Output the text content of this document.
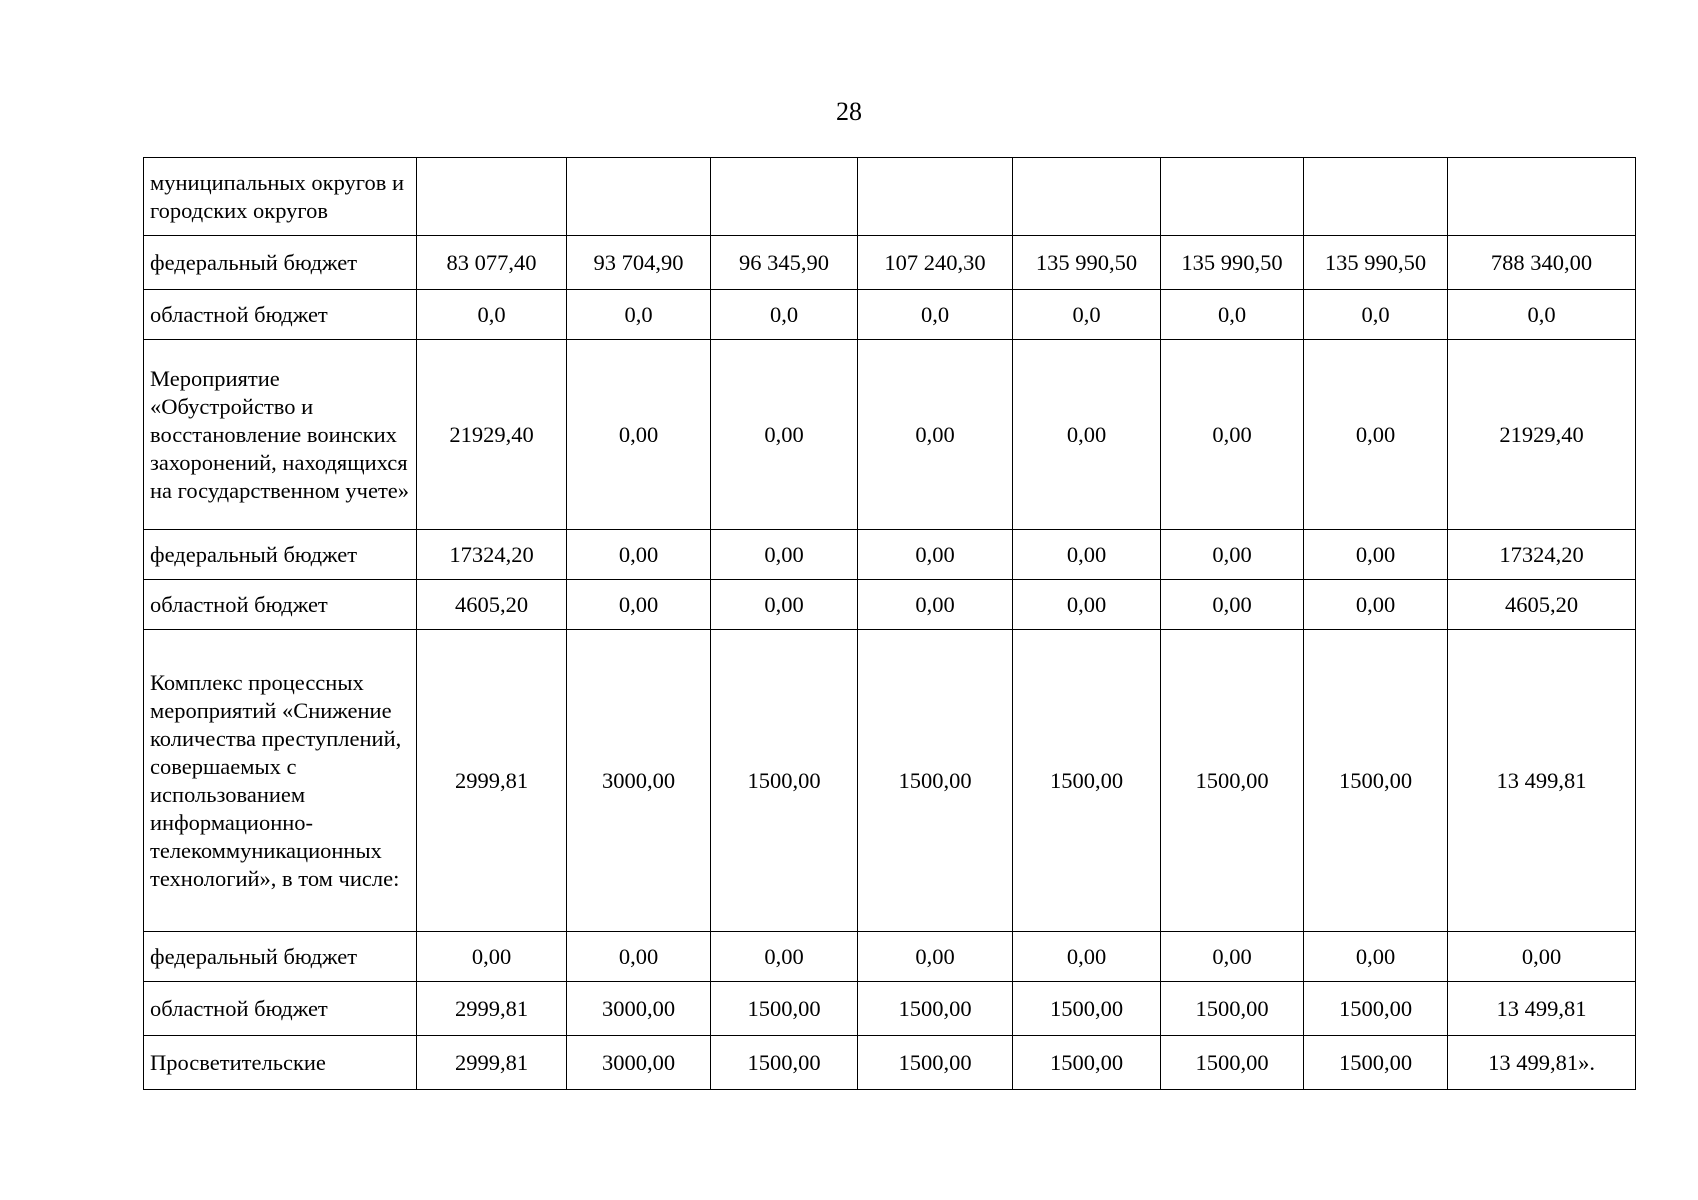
28
муниципальных округов и городских округов								
федеральный бюджет	83 077,40	93 704,90	96 345,90	107 240,30	135 990,50	135 990,50	135 990,50	788 340,00
областной бюджет	0,0	0,0	0,0	0,0	0,0	0,0	0,0	0,0
Мероприятие «Обустройство и восстановление воинских захоронений, находящихся на государственном учете»	21929,40	0,00	0,00	0,00	0,00	0,00	0,00	21929,40
федеральный бюджет	17324,20	0,00	0,00	0,00	0,00	0,00	0,00	17324,20
областной бюджет	4605,20	0,00	0,00	0,00	0,00	0,00	0,00	4605,20
Комплекс процессных мероприятий «Снижение количества преступлений, совершаемых с использованием информационно-телекоммуникационных технологий», в том числе:	2999,81	3000,00	1500,00	1500,00	1500,00	1500,00	1500,00	13 499,81
федеральный бюджет	0,00	0,00	0,00	0,00	0,00	0,00	0,00	0,00
областной бюджет	2999,81	3000,00	1500,00	1500,00	1500,00	1500,00	1500,00	13 499,81
Просветительские	2999,81	3000,00	1500,00	1500,00	1500,00	1500,00	1500,00	13 499,81».
